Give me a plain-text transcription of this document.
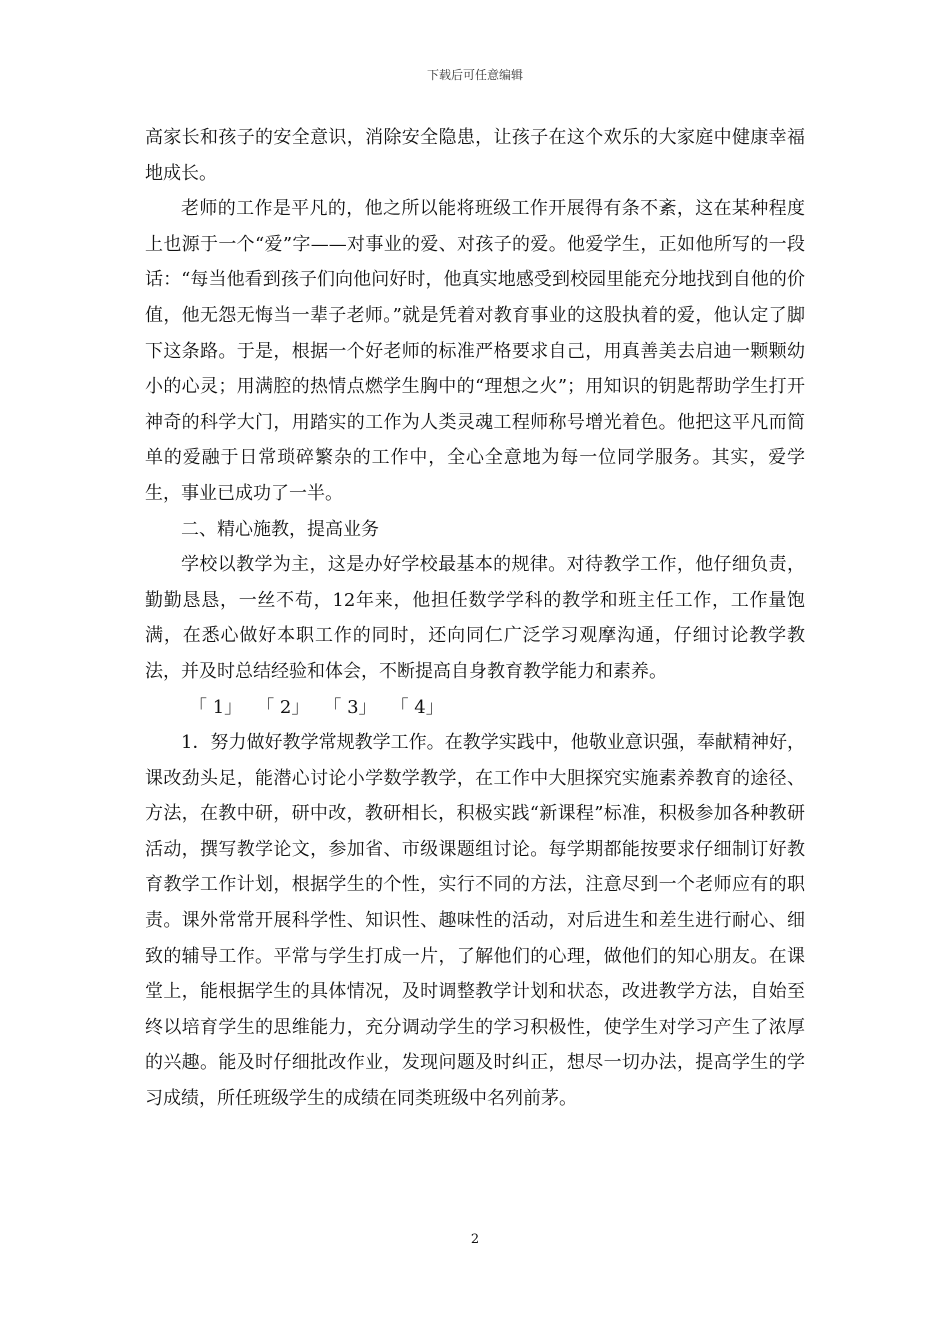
下载后可任意编辑

高家长和孩子的安全意识，消除安全隐患，让孩子在这个欢乐的大家庭中健康幸福地成长。

老师的工作是平凡的，他之所以能将班级工作开展得有条不紊，这在某种程度上也源于一个“爱”字——对事业的爱、对孩子的爱。他爱学生，正如他所写的一段话：“每当他看到孩子们向他问好时，他真实地感受到校园里能充分地找到自他的价值，他无怨无悔当一辈子老师。”就是凭着对教育事业的这股执着的爱，他认定了脚下这条路。于是，根据一个好老师的标准严格要求自己，用真善美去启迪一颗颗幼小的心灵；用满腔的热情点燃学生胸中的“理想之火”；用知识的钥匙帮助学生打开神奇的科学大门，用踏实的工作为人类灵魂工程师称号增光着色。他把这平凡而简单的爱融于日常琐碎繁杂的工作中，全心全意地为每一位同学服务。其实，爱学生，事业已成功了一半。

二、精心施教，提高业务

学校以教学为主，这是办好学校最基本的规律。对待教学工作，他仔细负责，勤勤恳恳，一丝不苟，12年来，他担任数学学科的教学和班主任工作，工作量饱满，在悉心做好本职工作的同时，还向同仁广泛学习观摩沟通，仔细讨论教学教法，并及时总结经验和体会，不断提高自身教育教学能力和素养。

「 1」 「 2」 「 3」 「 4」

1．努力做好教学常规教学工作。在教学实践中，他敬业意识强，奉献精神好，课改劲头足，能潜心讨论小学数学教学，在工作中大胆探究实施素养教育的途径、方法，在教中研，研中改，教研相长，积极实践“新课程”标准，积极参加各种教研活动，撰写教学论文，参加省、市级课题组讨论。每学期都能按要求仔细制订好教育教学工作计划，根据学生的个性，实行不同的方法，注意尽到一个老师应有的职责。课外常常开展科学性、知识性、趣味性的活动，对后进生和差生进行耐心、细致的辅导工作。平常与学生打成一片，了解他们的心理，做他们的知心朋友。在课堂上，能根据学生的具体情况，及时调整教学计划和状态，改进教学方法，自始至终以培育学生的思维能力，充分调动学生的学习积极性，使学生对学习产生了浓厚的兴趣。能及时仔细批改作业，发现问题及时纠正，想尽一切办法，提高学生的学习成绩，所任班级学生的成绩在同类班级中名列前茅。

2
